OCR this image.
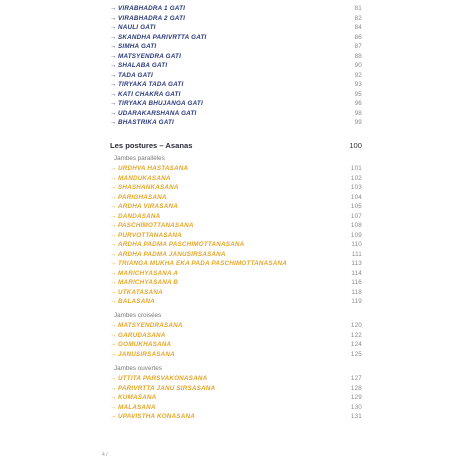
→ VIRABHADRA 1 GATI	81
→ VIRABHADRA 2 GATI	82
→ NAULI GATI	84
→ SKANDHA PARIVRTTA GATI	86
→ SIMHA GATI	87
→ MATSYENDRA GATI	88
→ SHALABA GATI	90
→ TADA GATI	92
→ TIRYAKA TADA GATI	93
→ KATI CHAKRA GATI	95
→ TIRYAKA BHUJANGA GATI	96
→ UDARAKARSHANA GATI	98
→ BHASTRIKA GATI	99
Les postures – Asanas	100
Jambes parallèles
→ URDHVA HASTASANA	101
→ MANDUKASANA	102
→ SHASHANKASANA	103
→ PARIGHASANA	104
→ ARDHA VIRASANA	105
→ DANDASANA	107
→ PASCHIMOTTANASANA	108
→ PURVOTTANASANA	109
→ ARDHA PADMA PASCHIMOTTANASANA	110
→ ARDHA PADMA JANUSIRSASANA	111
→ TRIANGA MUKHA EKA PADA PASCHIMOTTANASANA	113
→ MARICHYASANA A	114
→ MARICHYASANA B	116
→ UTKATASANA	118
→ BALASANA	119
Jambes croisées
→ MATSYENDRASANA	120
→ GARUDASANA	122
→ GOMUKHASANA	124
→ JANUSIRSASANA	125
Jambes ouvertes
→ UTTITA PARSVAKONASANA	127
→ PARIVRTTA JANU SIRSASANA	128
→ KUMASANA	129
→ MALASANA	130
→ UPAVISTHA KONASANA	131
4 /
